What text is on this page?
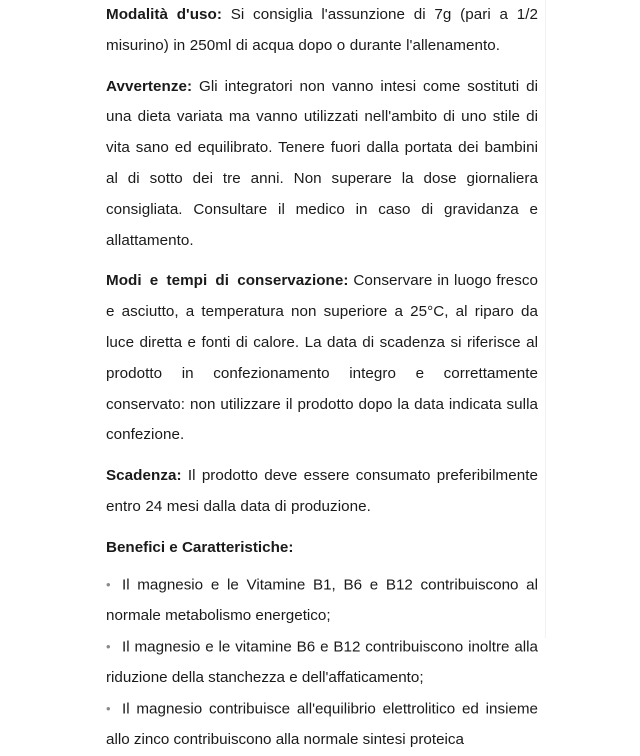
Modalità d'uso: Si consiglia l'assunzione di 7g (pari a 1/2 misurino) in 250ml di acqua dopo o durante l'allenamento.

Avvertenze: Gli integratori non vanno intesi come sostituti di una dieta variata ma vanno utilizzati nell'ambito di uno stile di vita sano ed equilibrato. Tenere fuori dalla portata dei bambini al di sotto dei tre anni. Non superare la dose giornaliera consigliata. Consultare il medico in caso di gravidanza e allattamento.

Modi e tempi di conservazione: Conservare in luogo fresco e asciutto, a temperatura non superiore a 25°C, al riparo da luce diretta e fonti di calore. La data di scadenza si riferisce al prodotto in confezionamento integro e correttamente conservato: non utilizzare il prodotto dopo la data indicata sulla confezione.

Scadenza: Il prodotto deve essere consumato preferibilmente entro 24 mesi dalla data di produzione.

Benefici e Caratteristiche:
• Il magnesio e le Vitamine B1, B6 e B12 contribuiscono al normale metabolismo energetico;
• Il magnesio e le vitamine B6 e B12 contribuiscono inoltre alla riduzione della stanchezza e dell'affaticamento;
• Il magnesio contribuisce all'equilibrio elettrolitico ed insieme allo zinco contribuiscono alla normale sintesi proteica
